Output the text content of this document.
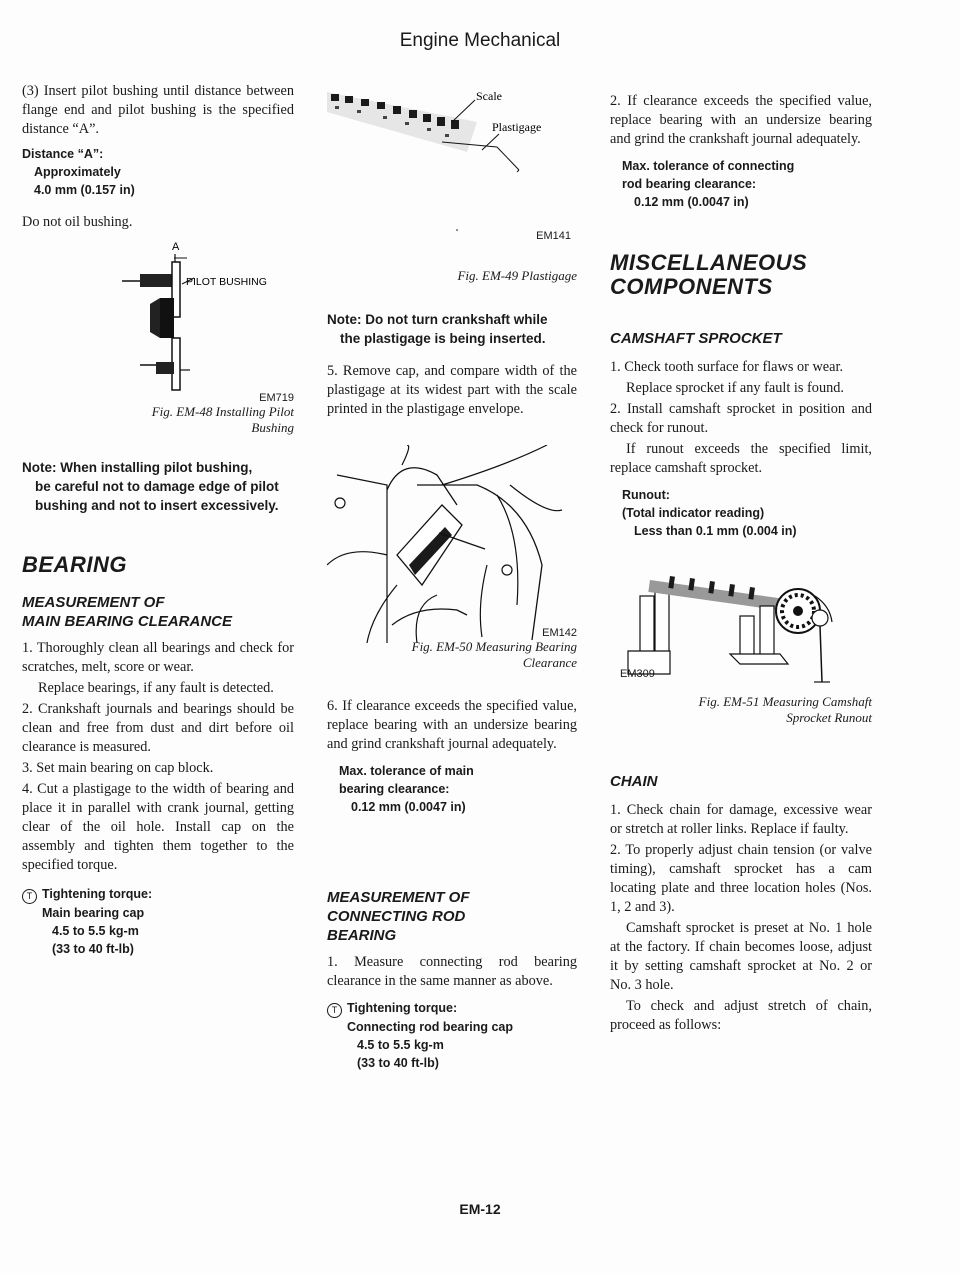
Engine Mechanical

(3) Insert pilot bushing until distance between flange end and pilot bushing is the specified distance “A”.

Distance “A”:
Approximately
4.0 mm (0.157 in)

Do not oil bushing.

A
PILOT BUSHING
EM719
Fig. EM-48 Installing Pilot
Bushing
Note: When installing pilot bushing,
be careful not to damage edge of pilot bushing and not to insert excessively.
BEARING
MEASUREMENT OF
MAIN BEARING CLEARANCE

1. Thoroughly clean all bearings and check for scratches, melt, score or wear.

Replace bearings, if any fault is detected.

2. Crankshaft journals and bearings should be clean and free from dust and dirt before oil clearance is measured.

3. Set main bearing on cap block.

4. Cut a plastigage to the width of bearing and place it in parallel with crank journal, getting clear of the oil hole. Install cap on the assembly and tighten them together to the specified torque.

T Tightening torque:
Main bearing cap
4.5 to 5.5 kg-m
(33 to 40 ft-lb)
Scale
Plastigage
EM141
Fig. EM-49 Plastigage
Note: Do not turn crankshaft while
the plastigage is being inserted.

5. Remove cap, and compare width of the plastigage at its widest part with the scale printed in the plastigage envelope.

EM142
Fig. EM-50 Measuring Bearing
Clearance

6. If clearance exceeds the specified value, replace bearing with an undersize bearing and grind crankshaft journal adequately.

Max. tolerance of main
bearing clearance:
0.12 mm (0.0047 in)
MEASUREMENT OF
CONNECTING ROD
BEARING

1. Measure connecting rod bearing clearance in the same manner as above.

T Tightening torque:
Connecting rod bearing cap
4.5 to 5.5 kg-m
(33 to 40 ft-lb)

2. If clearance exceeds the specified value, replace bearing with an undersize bearing and grind the crankshaft journal adequately.

Max. tolerance of connecting
rod bearing clearance:
0.12 mm (0.0047 in)
MISCELLANEOUS
COMPONENTS
CAMSHAFT SPROCKET

1. Check tooth surface for flaws or wear.

Replace sprocket if any fault is found.

2. Install camshaft sprocket in position and check for runout.

If runout exceeds the specified limit, replace camshaft sprocket.

Runout:
(Total indicator reading)
Less than 0.1 mm (0.004 in)
EM309
Fig. EM-51 Measuring Camshaft
Sprocket Runout
CHAIN

1. Check chain for damage, excessive wear or stretch at roller links. Replace if faulty.

2. To properly adjust chain tension (or valve timing), camshaft sprocket has a cam locating plate and three location holes (Nos. 1, 2 and 3).

Camshaft sprocket is preset at No. 1 hole at the factory. If chain becomes loose, adjust it by setting camshaft sprocket at No. 2 or No. 3 hole.

To check and adjust stretch of chain, proceed as follows:

EM-12
